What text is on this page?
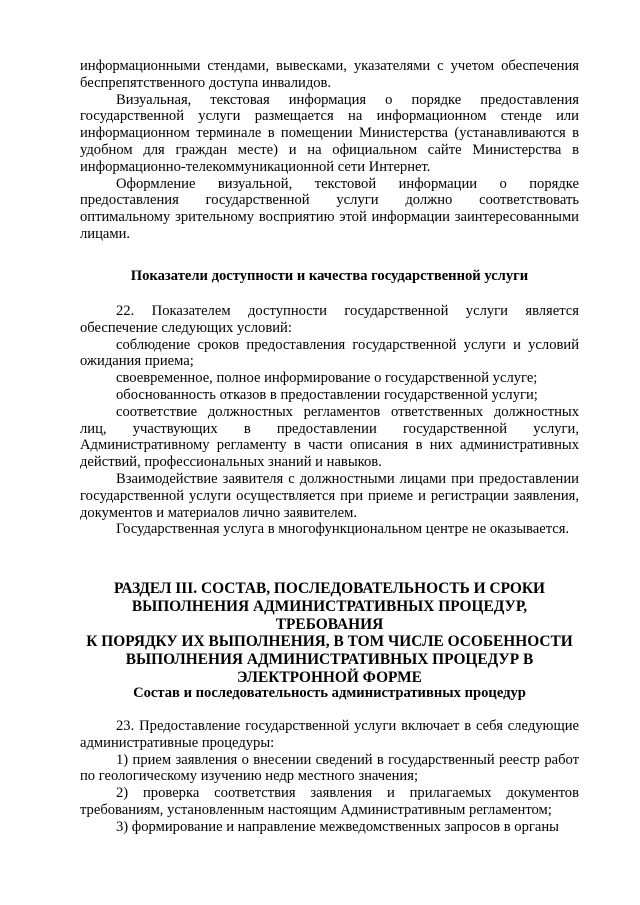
информационными стендами, вывесками, указателями с учетом обеспечения беспрепятственного доступа инвалидов.

Визуальная, текстовая информация о порядке предоставления государственной услуги размещается на информационном стенде или информационном терминале в помещении Министерства (устанавливаются в удобном для граждан месте) и на официальном сайте Министерства в информационно-телекоммуникационной сети Интернет.

Оформление визуальной, текстовой информации о порядке предоставления государственной услуги должно соответствовать оптимальному зрительному восприятию этой информации заинтересованными лицами.

Показатели доступности и качества государственной услуги

22. Показателем доступности государственной услуги является обеспечение следующих условий:

соблюдение сроков предоставления государственной услуги и условий ожидания приема;

своевременное, полное информирование о государственной услуге;

обоснованность отказов в предоставлении государственной услуги;

соответствие должностных регламентов ответственных должностных лиц, участвующих в предоставлении государственной услуги, Административному регламенту в части описания в них административных действий, профессиональных знаний и навыков.

Взаимодействие заявителя с должностными лицами при предоставлении государственной услуги осуществляется при приеме и регистрации заявления, документов и материалов лично заявителем.

Государственная услуга в многофункциональном центре не оказывается.

РАЗДЕЛ III. СОСТАВ, ПОСЛЕДОВАТЕЛЬНОСТЬ И СРОКИ
ВЫПОЛНЕНИЯ АДМИНИСТРАТИВНЫХ ПРОЦЕДУР, ТРЕБОВАНИЯ
К ПОРЯДКУ ИХ ВЫПОЛНЕНИЯ, В ТОМ ЧИСЛЕ ОСОБЕННОСТИ
ВЫПОЛНЕНИЯ АДМИНИСТРАТИВНЫХ ПРОЦЕДУР В
ЭЛЕКТРОННОЙ ФОРМЕ

Состав и последовательность административных процедур

23. Предоставление государственной услуги включает в себя следующие административные процедуры:

1) прием заявления о внесении сведений в государственный реестр работ по геологическому изучению недр местного значения;

2) проверка соответствия заявления и прилагаемых документов требованиям, установленным настоящим Административным регламентом;

3) формирование и направление межведомственных запросов в органы
